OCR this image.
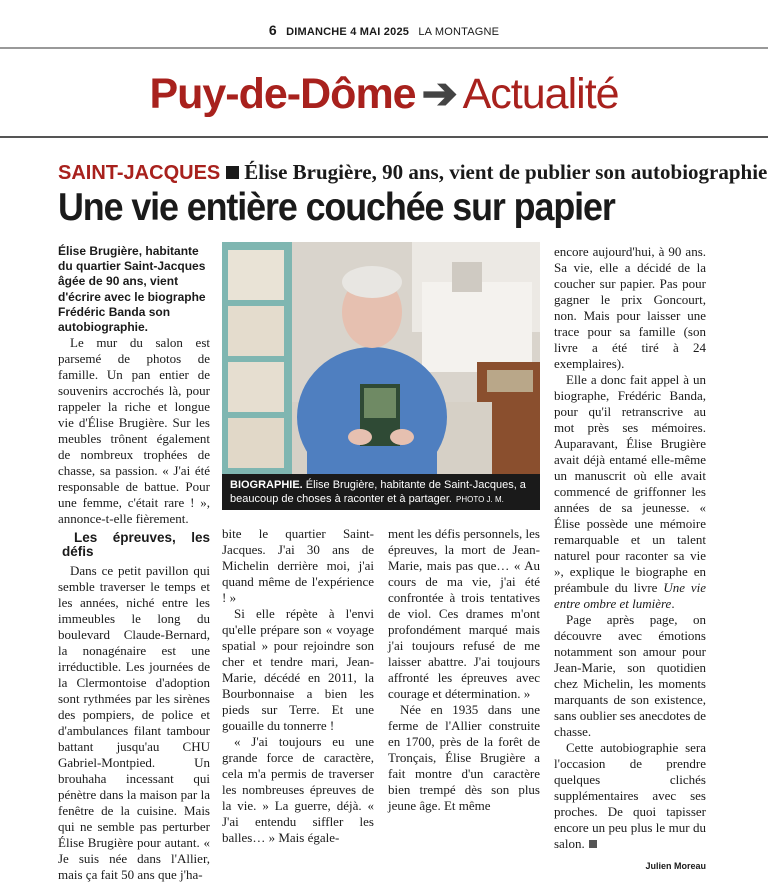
6 DIMANCHE 4 MAI 2025 LA MONTAGNE
Puy-de-Dôme ➔ Actualité
SAINT-JACQUES Élise Brugière, 90 ans, vient de publier son autobiographie
Une vie entière couchée sur papier

Élise Brugière, habitante du quartier Saint-Jacques âgée de 90 ans, vient d'écrire avec le biographe Frédéric Banda son autobiographie.

Le mur du salon est parsemé de photos de famille. Un pan entier de souvenirs accrochés là, pour rappeler la riche et longue vie d'Élise Brugière. Sur les meubles trônent également de nombreux trophées de chasse, sa passion. « J'ai été responsable de battue. Pour une femme, c'était rare ! », annonce-t-elle fièrement.

Les épreuves, les défis

Dans ce petit pavillon qui semble traverser le temps et les années, niché entre les immeubles le long du boulevard Claude-Bernard, la nonagénaire est une irréductible. Les journées de la Clermontoise d'adoption sont rythmées par les sirènes des pompiers, de police et d'ambulances filant tambour battant jusqu'au CHU Gabriel-Montpied. Un brouhaha incessant qui pénètre dans la maison par la fenêtre de la cuisine. Mais qui ne semble pas perturber Élise Brugière pour autant. « Je suis née dans l'Allier, mais ça fait 50 ans que j'ha-

BIOGRAPHIE. Élise Brugière, habitante de Saint-Jacques, a beaucoup de choses à raconter et à partager. PHOTO J. M.

bite le quartier Saint-Jacques. J'ai 30 ans de Michelin derrière moi, j'ai quand même de l'expérience ! »

Si elle répète à l'envi qu'elle prépare son « voyage spatial » pour rejoindre son cher et tendre mari, Jean-Marie, décédé en 2011, la Bourbonnaise a bien les pieds sur Terre. Et une gouaille du tonnerre !

« J'ai toujours eu une grande force de caractère, cela m'a permis de traverser les nombreuses épreuves de la vie. » La guerre, déjà. « J'ai entendu siffler les balles… » Mais égale-

ment les défis personnels, les épreuves, la mort de Jean-Marie, mais pas que… « Au cours de ma vie, j'ai été confrontée à trois tentatives de viol. Ces drames m'ont profondément marqué mais j'ai toujours refusé de me laisser abattre. J'ai toujours affronté les épreuves avec courage et détermination. »

Née en 1935 dans une ferme de l'Allier construite en 1700, près de la forêt de Tronçais, Élise Brugière a fait montre d'un caractère bien trempé dès son plus jeune âge. Et même

encore aujourd'hui, à 90 ans. Sa vie, elle a décidé de la coucher sur papier. Pas pour gagner le prix Goncourt, non. Mais pour laisser une trace pour sa famille (son livre a été tiré à 24 exemplaires).

Elle a donc fait appel à un biographe, Frédéric Banda, pour qu'il retranscrive au mot près ses mémoires. Auparavant, Élise Brugière avait déjà entamé elle-même un manuscrit où elle avait commencé de griffonner les années de sa jeunesse. « Élise possède une mémoire remarquable et un talent naturel pour raconter sa vie », explique le biographe en préambule du livre Une vie entre ombre et lumière.

Page après page, on découvre avec émotions notamment son amour pour Jean-Marie, son quotidien chez Michelin, les moments marquants de son existence, sans oublier ses anecdotes de chasse.

Cette autobiographie sera l'occasion de prendre quelques clichés supplémentaires avec ses proches. De quoi tapisser encore un peu plus le mur du salon.

Julien Moreau
